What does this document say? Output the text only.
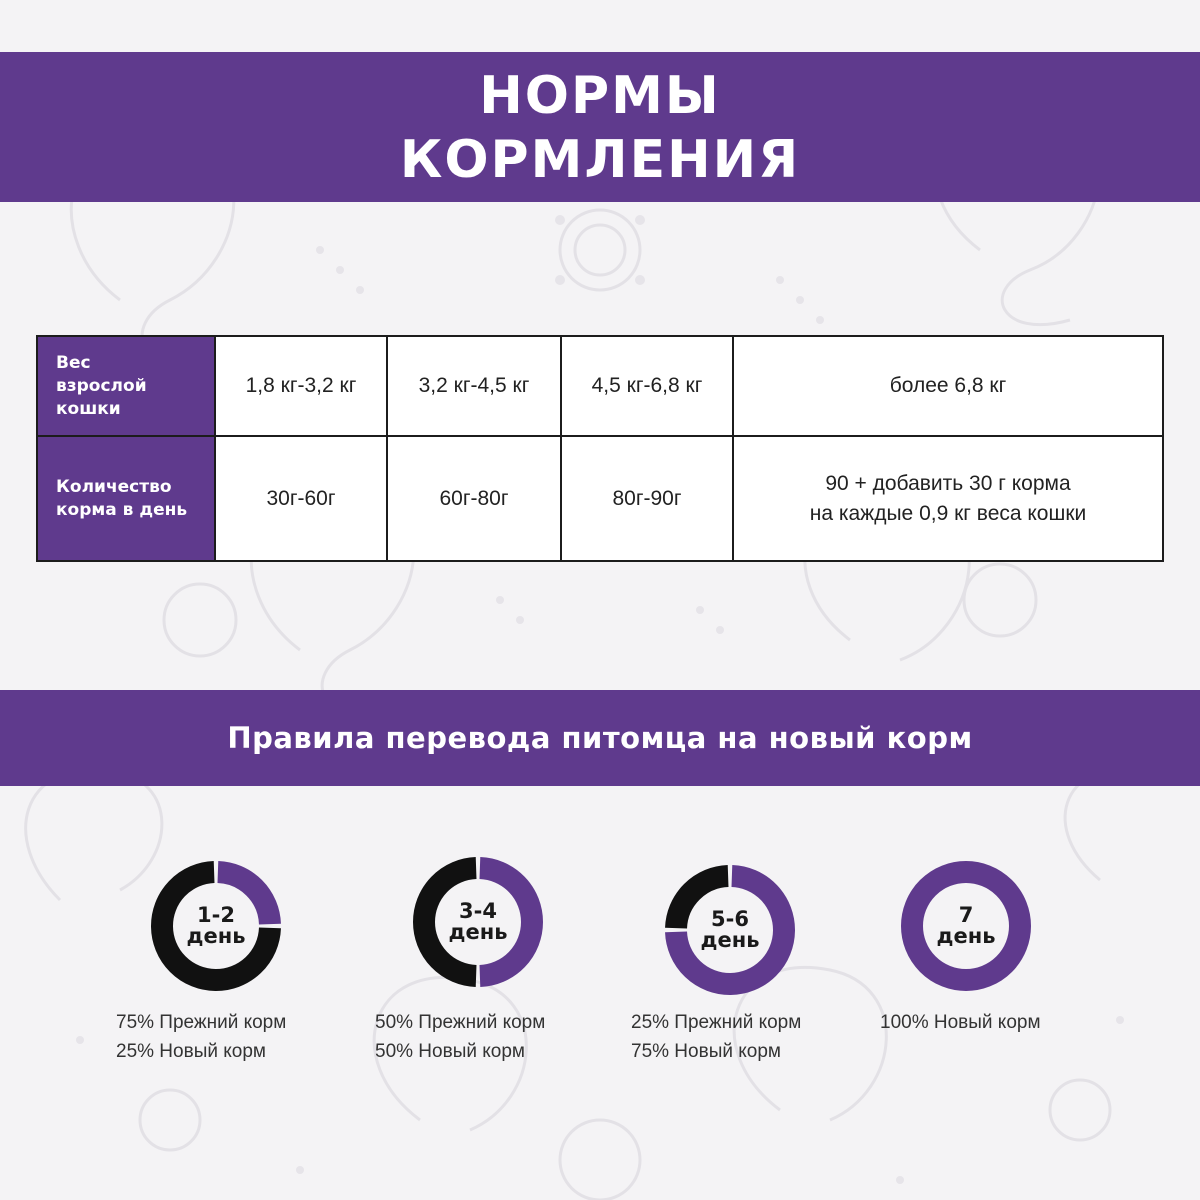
НОРМЫ
КОРМЛЕНИЯ
Вес
взрослой
кошки	1,8 кг-3,2 кг	3,2 кг-4,5 кг	4,5 кг-6,8 кг	более 6,8 кг

Количество
корма в день	30г-60г	60г-80г	80г-90г	90 + добавить 30 г корма
на каждые 0,9 кг веса кошки
Правила перевода питомца на новый корм
1-2
день
75% Прежний корм
25% Новый корм
3-4
день
50% Прежний корм
50% Новый корм
5-6
день
25% Прежний корм
75% Новый корм
7
день
100% Новый корм
